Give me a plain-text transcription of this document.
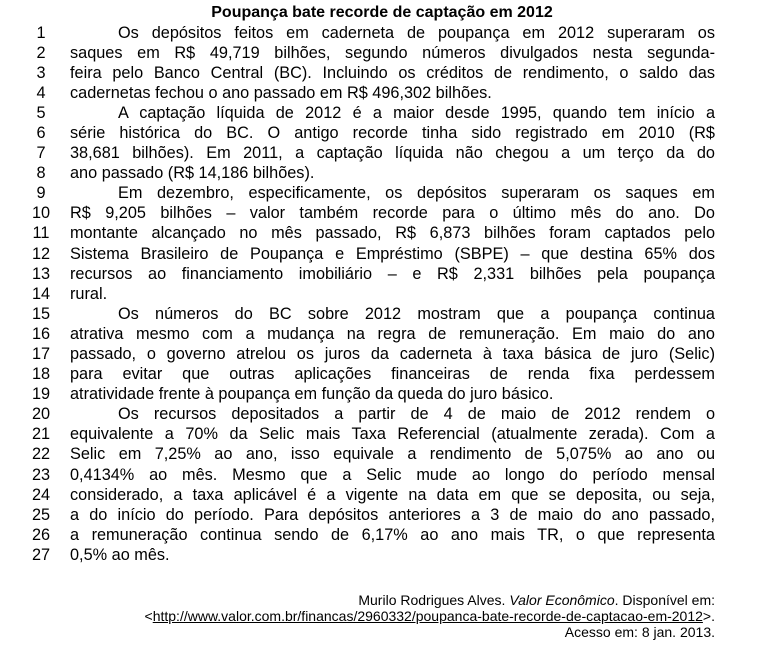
Poupança bate recorde de captação em 2012
1	Os depósitos feitos em caderneta de poupança em 2012 superaram os
2	saques em R$ 49,719 bilhões, segundo números divulgados nesta segunda-
3	feira pelo Banco Central (BC). Incluindo os créditos de rendimento, o saldo das
4	cadernetas fechou o ano passado em R$ 496,302 bilhões.
5	A captação líquida de 2012 é a maior desde 1995, quando tem início a
6	série histórica do BC. O antigo recorde tinha sido registrado em 2010 (R$
7	38,681 bilhões). Em 2011, a captação líquida não chegou a um terço da do
8	ano passado (R$ 14,186 bilhões).
9	Em dezembro, especificamente, os depósitos superaram os saques em
10 R$ 9,205 bilhões – valor também recorde para o último mês do ano. Do
11 montante alcançado no mês passado, R$ 6,873 bilhões foram captados pelo
12 Sistema Brasileiro de Poupança e Empréstimo (SBPE) – que destina 65% dos
13 recursos ao financiamento imobiliário – e R$ 2,331 bilhões pela poupança
14 rural.
15	Os números do BC sobre 2012 mostram que a poupança continua
16 atrativa mesmo com a mudança na regra de remuneração. Em maio do ano
17 passado, o governo atrelou os juros da caderneta à taxa básica de juro (Selic)
18 para evitar que outras aplicações financeiras de renda fixa perdessem
19 atratividade frente à poupança em função da queda do juro básico.
20	Os recursos depositados a partir de 4 de maio de 2012 rendem o
21 equivalente a 70% da Selic mais Taxa Referencial (atualmente zerada). Com a
22 Selic em 7,25% ao ano, isso equivale a rendimento de 5,075% ao ano ou
23 0,4134% ao mês. Mesmo que a Selic mude ao longo do período mensal
24 considerado, a taxa aplicável é a vigente na data em que se deposita, ou seja,
25 a do início do período. Para depósitos anteriores a 3 de maio do ano passado,
26 a remuneração continua sendo de 6,17% ao ano mais TR, o que representa
27 0,5% ao mês.
Murilo Rodrigues Alves. Valor Econômico. Disponível em:
<http://www.valor.com.br/financas/2960332/poupanca-bate-recorde-de-captacao-em-2012>.
Acesso em: 8 jan. 2013.
